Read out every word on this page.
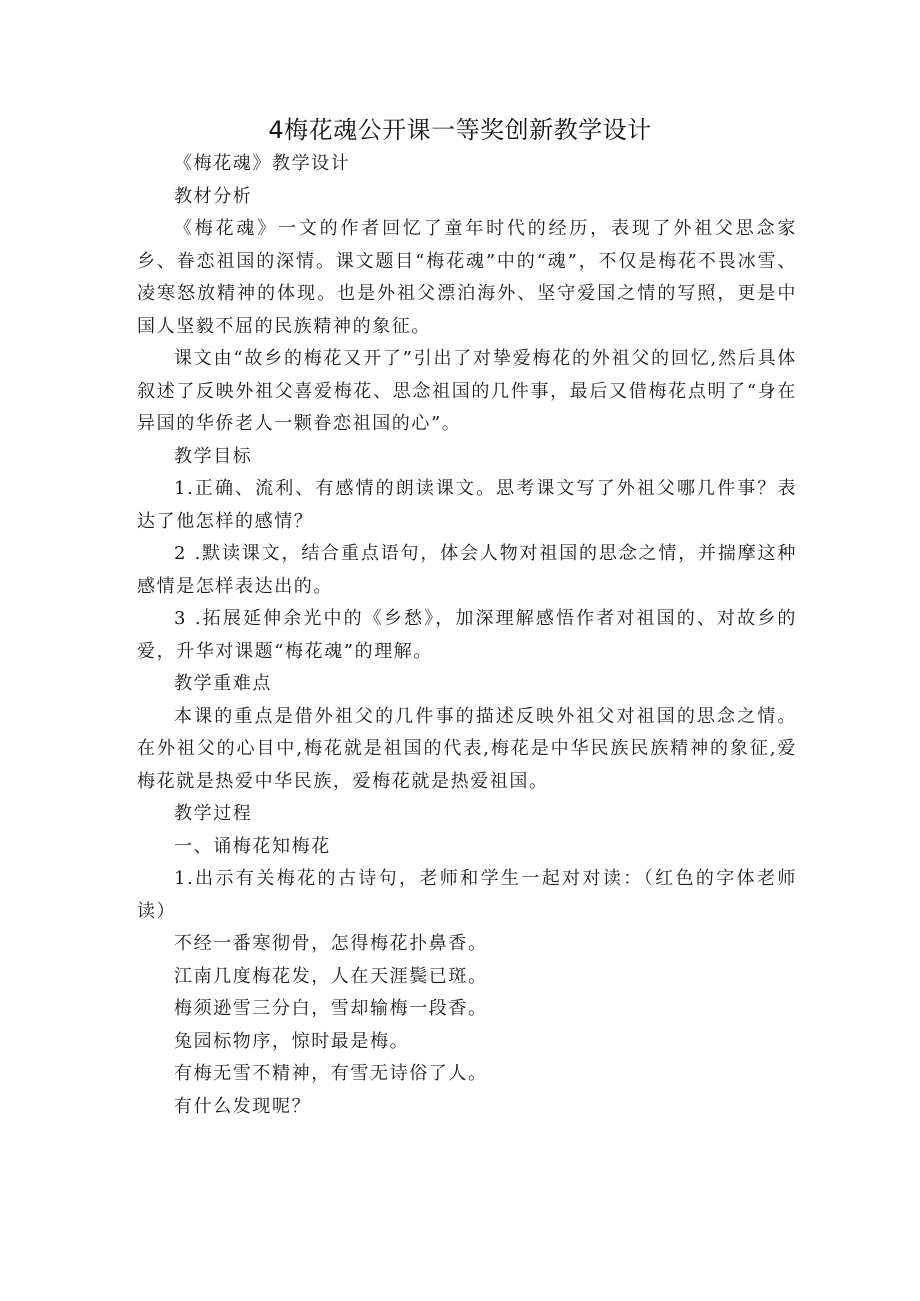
4梅花魂公开课一等奖创新教学设计

《梅花魂》教学设计

教材分析

《梅花魂》一文的作者回忆了童年时代的经历，表现了外祖父思念家乡、眷恋祖国的深情。课文题目“梅花魂”中的“魂”，不仅是梅花不畏冰雪、凌寒怒放精神的体现。也是外祖父漂泊海外、坚守爱国之情的写照，更是中国人坚毅不屈的民族精神的象征。

课文由“故乡的梅花又开了”引出了对挚爱梅花的外祖父的回忆,然后具体叙述了反映外祖父喜爱梅花、思念祖国的几件事，最后又借梅花点明了“身在异国的华侨老人一颗眷恋祖国的心”。

教学目标

1.正确、流利、有感情的朗读课文。思考课文写了外祖父哪几件事？表达了他怎样的感情？

2 .默读课文，结合重点语句，体会人物对祖国的思念之情，并揣摩这种感情是怎样表达出的。

3 .拓展延伸余光中的《乡愁》，加深理解感悟作者对祖国的、对故乡的爱，升华对课题“梅花魂”的理解。

教学重难点

本课的重点是借外祖父的几件事的描述反映外祖父对祖国的思念之情。在外祖父的心目中,梅花就是祖国的代表,梅花是中华民族民族精神的象征,爱梅花就是热爱中华民族，爱梅花就是热爱祖国。

教学过程

一、诵梅花知梅花

1.出示有关梅花的古诗句，老师和学生一起对对读：（红色的字体老师读）

不经一番寒彻骨，怎得梅花扑鼻香。

江南几度梅花发，人在天涯鬓已斑。

梅须逊雪三分白，雪却输梅一段香。

兔园标物序，惊时最是梅。

有梅无雪不精神，有雪无诗俗了人。

有什么发现呢？
